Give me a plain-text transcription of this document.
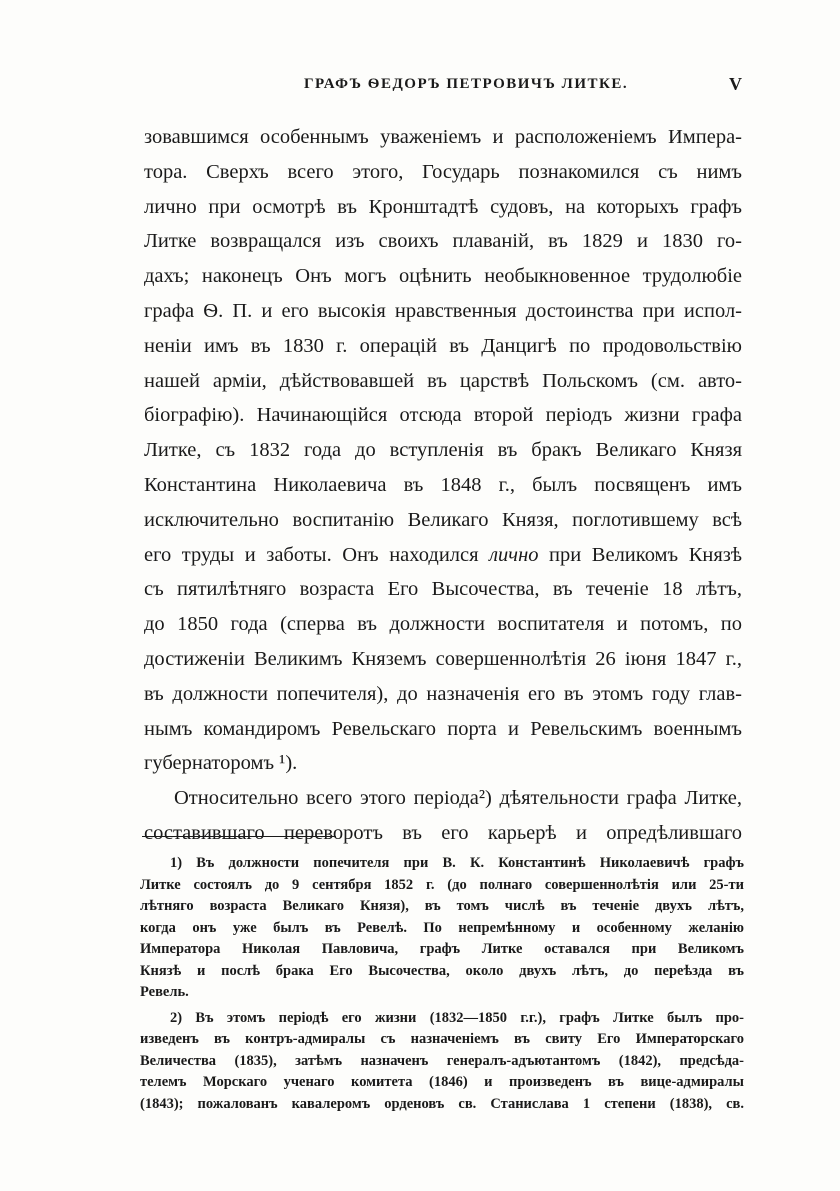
ГРАФЪ ѲЕДОРЪ ПЕТРОВИЧЪ ЛИТКЕ.	V
зовавшимся особеннымъ уваженіемъ и расположеніемъ Импера-
тора. Сверхъ всего этого, Государь познакомился съ нимъ
лично при осмотрѣ въ Кронштадтѣ судовъ, на которыхъ графъ
Литке возвращался изъ своихъ плаваній, въ 1829 и 1830 го-
дахъ; наконецъ Онъ могъ оцѣнить необыкновенное трудолюбіе
графа Ѳ. П. и его высокія нравственныя достоинства при испол-
неніи имъ въ 1830 г. операцій въ Данцигѣ по продовольствію
нашей арміи, дѣйствовавшей въ царствѣ Польскомъ (см. авто-
біографію). Начинающійся отсюда второй періодъ жизни графа
Литке, съ 1832 года до вступленія въ бракъ Великаго Князя
Константина Николаевича въ 1848 г., былъ посвященъ имъ
исключительно воспитанію Великаго Князя, поглотившему всѣ
его труды и заботы. Онъ находился лично при Великомъ Князѣ
съ пятилѣтняго возраста Его Высочества, въ теченіе 18 лѣтъ,
до 1850 года (сперва въ должности воспитателя и потомъ, по
достиженіи Великимъ Княземъ совершеннолѣтія 26 іюня 1847 г.,
въ должности попечителя), до назначенія его въ этомъ году глав-
нымъ командиромъ Ревельскаго порта и Ревельскимъ военнымъ
губернаторомъ ¹).
Относительно всего этого періода²) дѣятельности графа Литке,
составившаго переворотъ въ его карьерѣ и опредѣлившаго
1) Въ должности попечителя при В. К. Константинѣ Николаевичѣ графъ
Литке состоялъ до 9 сентября 1852 г. (до полнаго совершеннолѣтія или 25-ти
лѣтняго возраста Великаго Князя), въ томъ числѣ въ теченіе двухъ лѣтъ,
когда онъ уже былъ въ Ревелѣ. По непремѣнному и особенному желанію
Императора Николая Павловича, графъ Литке оставался при Великомъ
Князѣ и послѣ брака Его Высочества, около двухъ лѣтъ, до переѣзда въ
Ревель.
2) Въ этомъ періодѣ его жизни (1832—1850 г.г.), графъ Литке былъ про-
изведенъ въ контръ-адмиралы съ назначеніемъ въ свиту Его Императорскаго
Величества (1835), затѣмъ назначенъ генералъ-адъютантомъ (1842), предсѣда-
телемъ Морскаго ученаго комитета (1846) и произведенъ въ вице-адмиралы
(1843); пожалованъ кавалеромъ орденовъ св. Станислава 1 степени (1838), св.
